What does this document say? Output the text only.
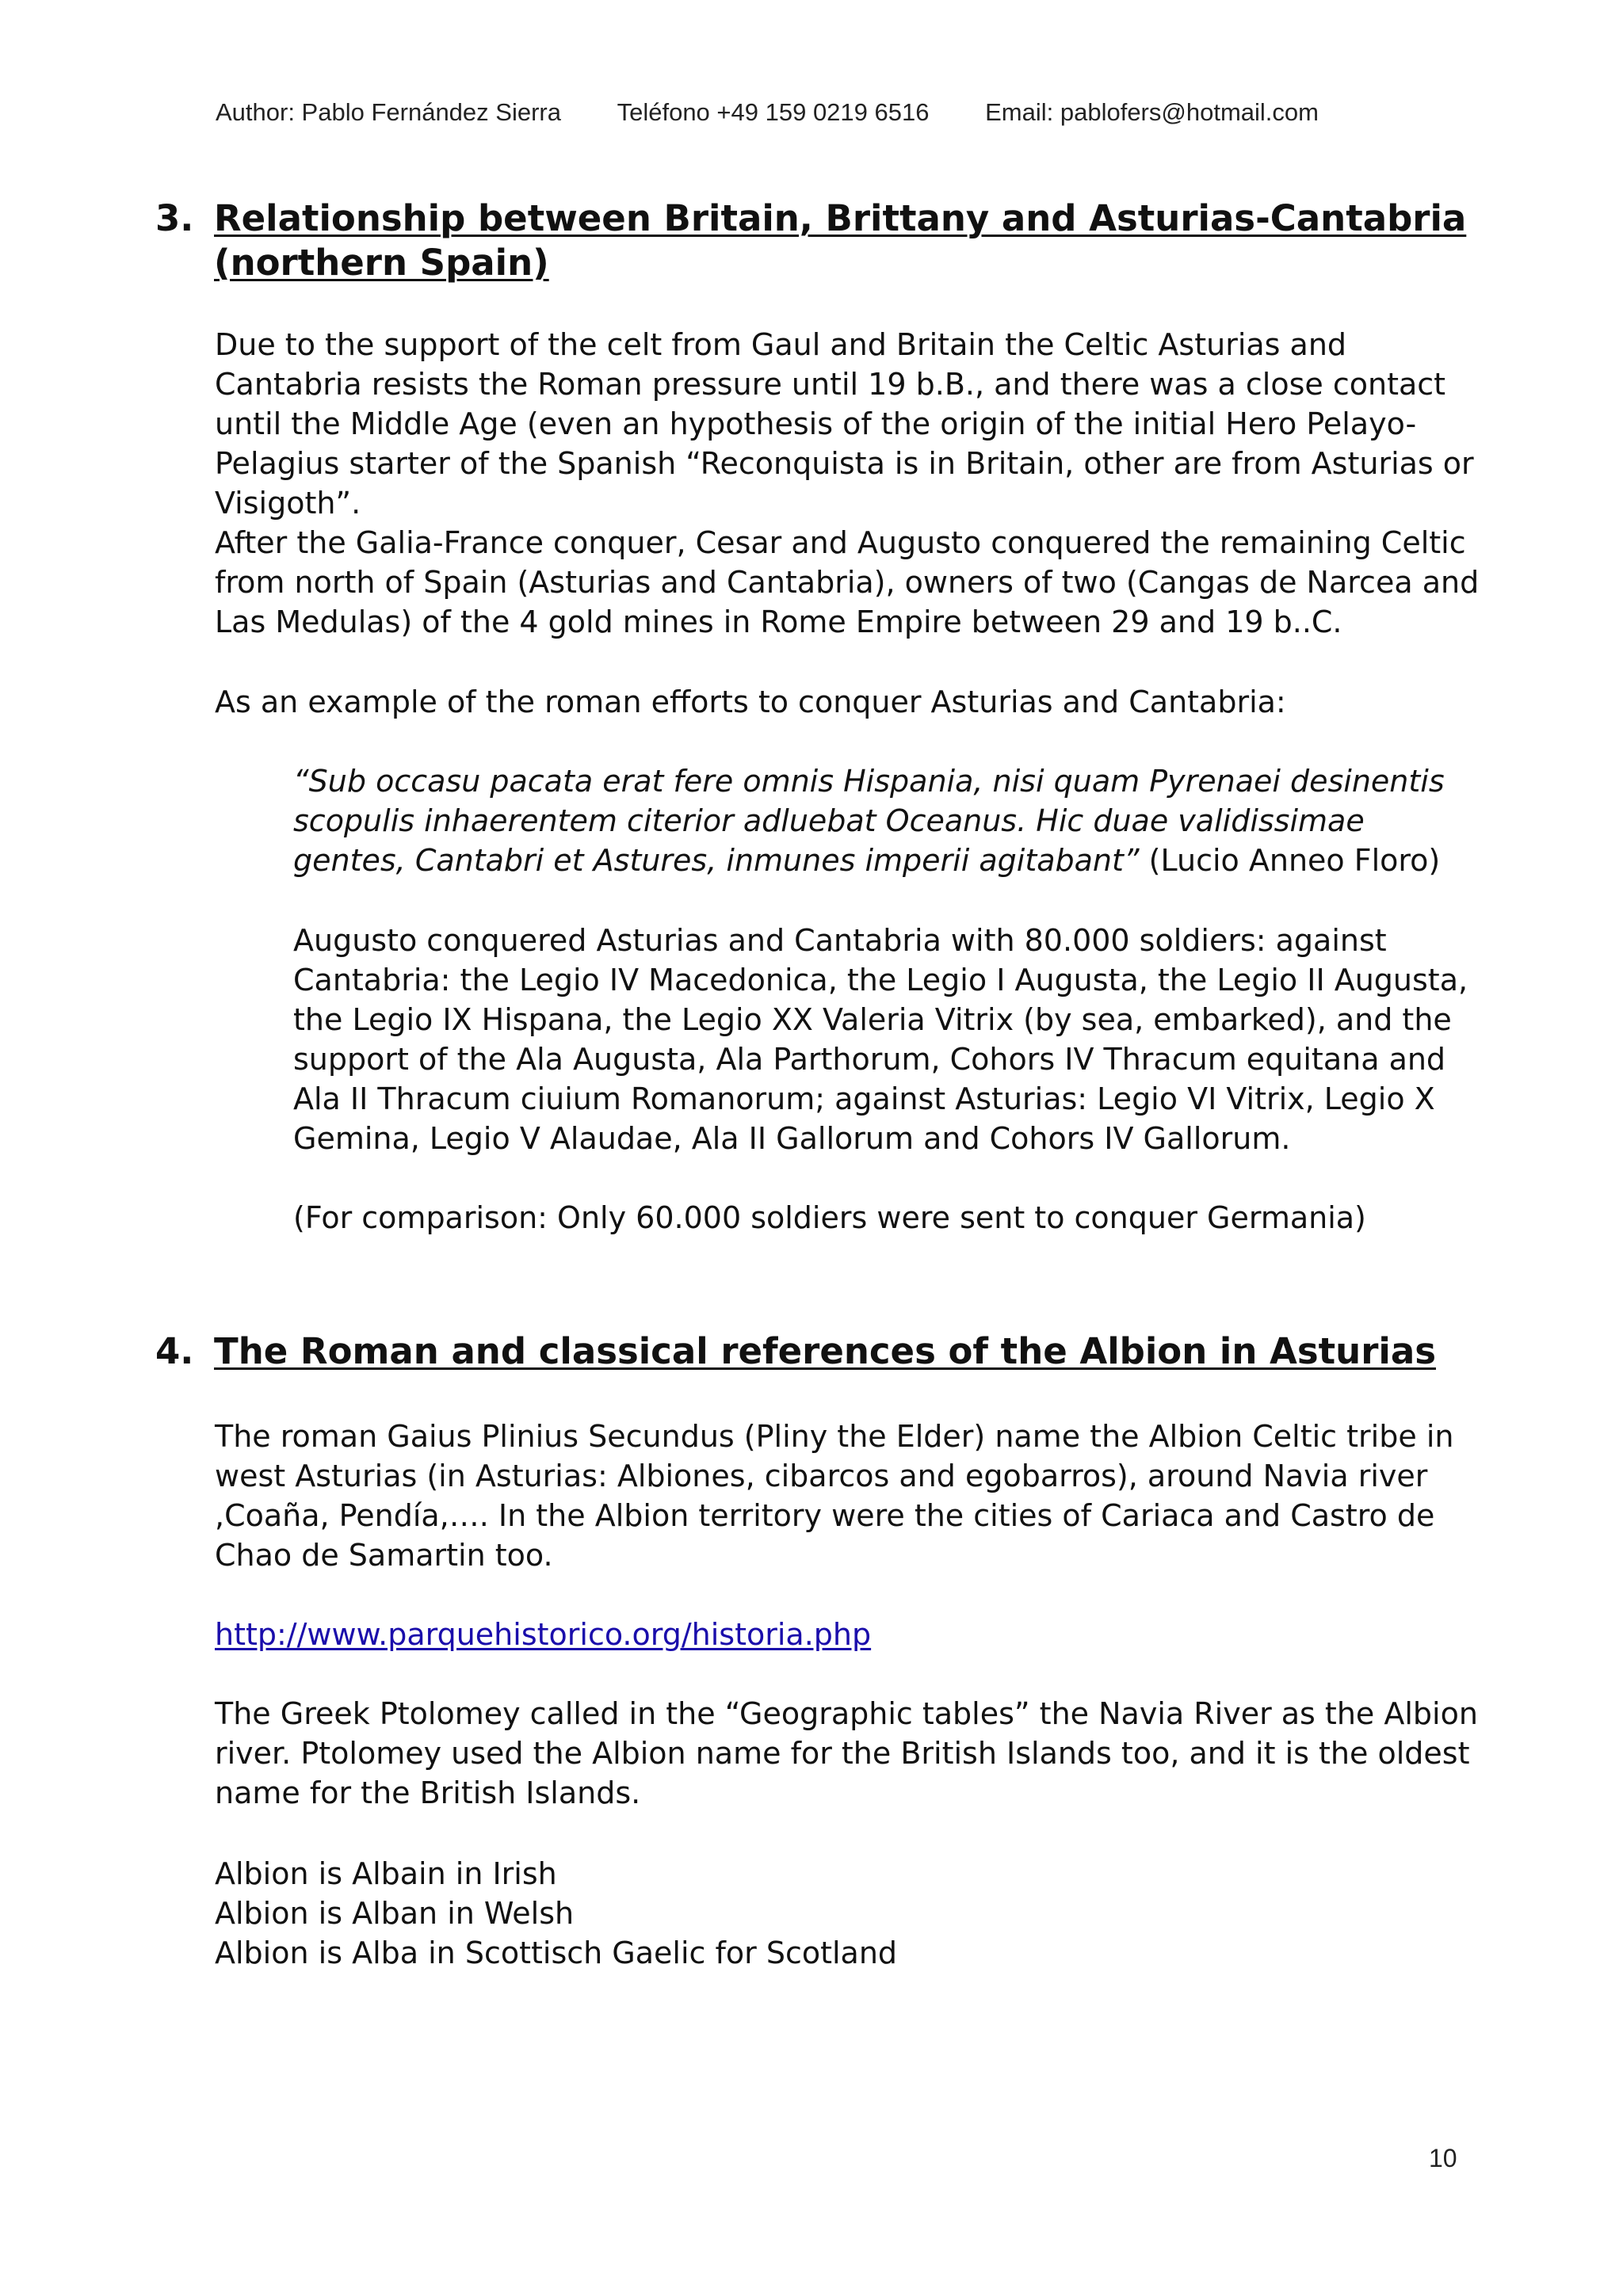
Author: Pablo Fernández Sierra Teléfono +49 159 0219 6516 Email: pablofers@hotmail.com
3. Relationship between Britain, Brittany and Asturias-Cantabria
(northern Spain)

Due to the support of the celt from Gaul and Britain the Celtic Asturias and Cantabria resists the Roman pressure until 19 b.B., and there was a close contact until the Middle Age (even an hypothesis of the origin of the initial Hero Pelayo-Pelagius starter of the Spanish “Reconquista is in Britain, other are from Asturias or Visigoth”.

After the Galia-France conquer, Cesar and Augusto conquered the remaining Celtic from north of Spain (Asturias and Cantabria), owners of two (Cangas de Narcea and Las Medulas) of the 4 gold mines in Rome Empire between 29 and 19 b..C.

As an example of the roman efforts to conquer Asturias and Cantabria:

“Sub occasu pacata erat fere omnis Hispania, nisi quam Pyrenaei desinentis scopulis inhaerentem citerior adluebat Oceanus. Hic duae validissimae gentes, Cantabri et Astures, inmunes imperii agitabant” (Lucio Anneo Floro)

Augusto conquered Asturias and Cantabria with 80.000 soldiers: against Cantabria: the Legio IV Macedonica, the Legio I Augusta, the Legio II Augusta, the Legio IX Hispana, the Legio XX Valeria Vitrix (by sea, embarked), and the support of the Ala Augusta, Ala Parthorum, Cohors IV Thracum equitana and Ala II Thracum ciuium Romanorum; against Asturias: Legio VI Vitrix, Legio X Gemina, Legio V Alaudae, Ala II Gallorum and Cohors IV Gallorum.

(For comparison: Only 60.000 soldiers were sent to conquer Germania)

4. The Roman and classical references of the Albion in Asturias

The roman Gaius Plinius Secundus (Pliny the Elder) name the Albion Celtic tribe in west Asturias (in Asturias: Albiones, cibarcos and egobarros), around Navia river ,Coaña, Pendía,…. In the Albion territory were the cities of Cariaca and Castro de Chao de Samartin too.

http://www.parquehistorico.org/historia.php

The Greek Ptolomey called in the “Geographic tables” the Navia River as the Albion river. Ptolomey used the Albion name for the British Islands too, and it is the oldest name for the British Islands.

Albion is Albain in Irish
Albion is Alban in Welsh
Albion is Alba in Scottisch Gaelic for Scotland
10
